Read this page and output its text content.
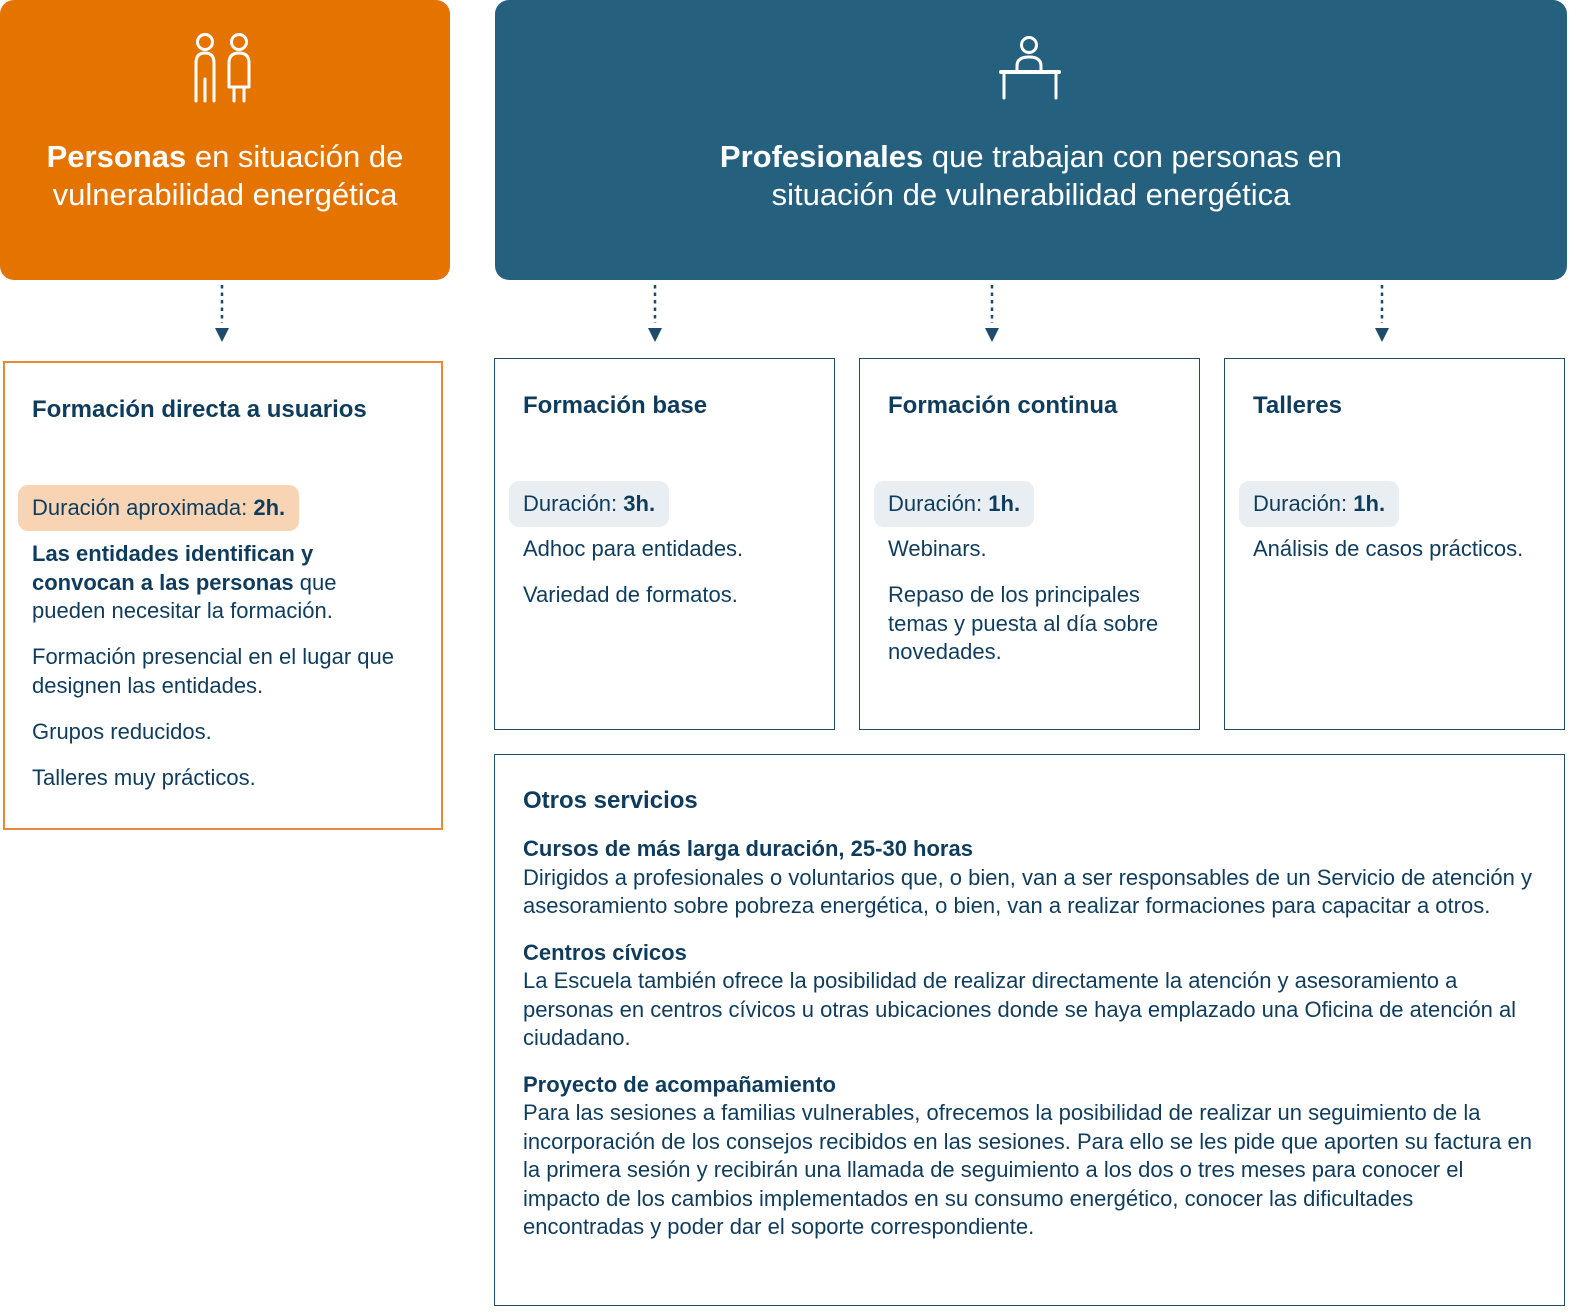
Personas en situación de vulnerabilidad energética
Profesionales que trabajan con personas en situación de vulnerabilidad energética
Formación directa a usuarios
Duración aproximada: 2h.

Las entidades identifican y convocan a las personas que pueden necesitar la formación.

Formación presencial en el lugar que designen las entidades.

Grupos reducidos.

Talleres muy prácticos.

Formación base
Duración: 3h.

Adhoc para entidades.

Variedad de formatos.

Formación continua
Duración: 1h.

Webinars.

Repaso de los principales temas y puesta al día sobre novedades.

Talleres
Duración: 1h.

Análisis de casos prácticos.

Otros servicios
Cursos de más larga duración, 25-30 horas
Dirigidos a profesionales o voluntarios que, o bien, van a ser responsables de un Servicio de atención y asesoramiento sobre pobreza energética, o bien, van a realizar formaciones para capacitar a otros.
Centros cívicos
La Escuela también ofrece la posibilidad de realizar directamente la atención y asesoramiento a personas en centros cívicos u otras ubicaciones donde se haya emplazado una Oficina de atención al ciudadano.
Proyecto de acompañamiento
Para las sesiones a familias vulnerables, ofrecemos la posibilidad de realizar un seguimiento de la incorporación de los consejos recibidos en las sesiones. Para ello se les pide que aporten su factura en la primera sesión y recibirán una llamada de seguimiento a los dos o tres meses para conocer el impacto de los cambios implementados en su consumo energético, conocer las dificultades encontradas y poder dar el soporte correspondiente.
